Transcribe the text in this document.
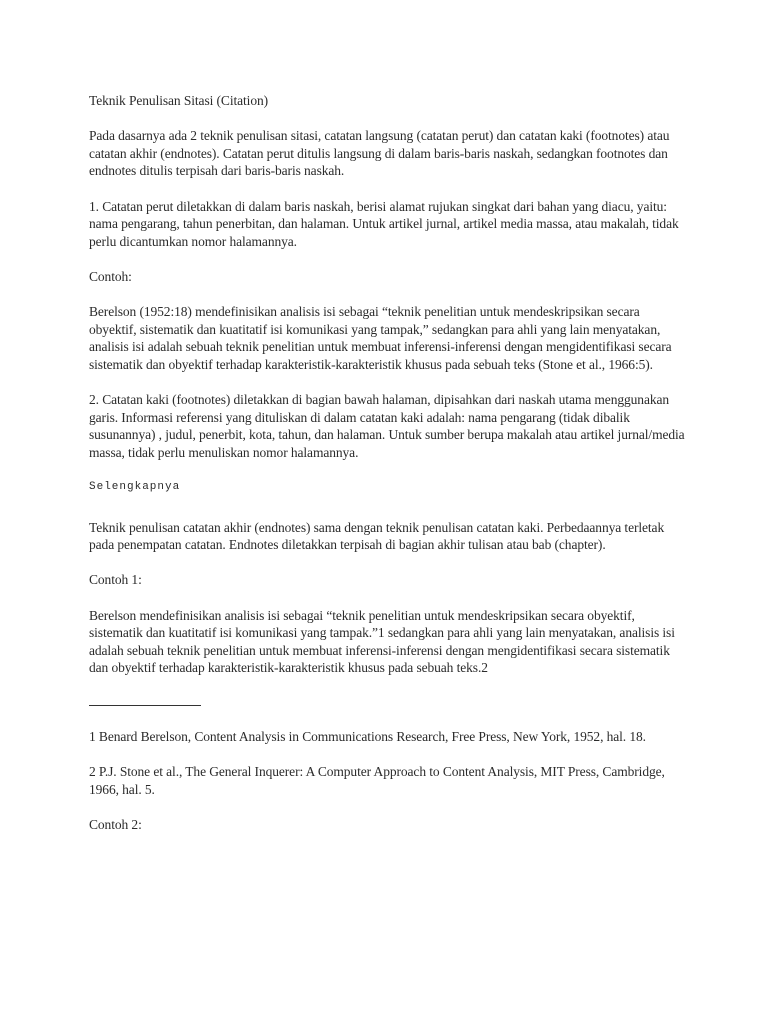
Teknik Penulisan Sitasi (Citation)

Pada dasarnya ada 2 teknik penulisan sitasi, catatan langsung (catatan perut) dan catatan kaki (footnotes) atau catatan akhir (endnotes). Catatan perut ditulis langsung di dalam baris-baris naskah, sedangkan footnotes dan endnotes ditulis terpisah dari baris-baris naskah.

1. Catatan perut diletakkan di dalam baris naskah, berisi alamat rujukan singkat dari bahan yang diacu, yaitu: nama pengarang, tahun penerbitan, dan halaman. Untuk artikel jurnal, artikel media massa, atau makalah, tidak perlu dicantumkan nomor halamannya.

Contoh:

Berelson (1952:18) mendefinisikan analisis isi sebagai “teknik penelitian untuk mendeskripsikan secara obyektif, sistematik dan kuatitatif isi komunikasi yang tampak,” sedangkan para ahli yang lain menyatakan, analisis isi adalah sebuah teknik penelitian untuk membuat inferensi-inferensi dengan mengidentifikasi secara sistematik dan obyektif terhadap karakteristik-karakteristik khusus pada sebuah teks (Stone et al., 1966:5).

2. Catatan kaki (footnotes) diletakkan di bagian bawah halaman, dipisahkan dari naskah utama menggunakan garis. Informasi referensi yang dituliskan di dalam catatan kaki adalah: nama pengarang (tidak dibalik susunannya) , judul, penerbit, kota, tahun, dan halaman. Untuk sumber berupa makalah atau artikel jurnal/media massa, tidak perlu menuliskan nomor halamannya.

Selengkapnya

Teknik penulisan catatan akhir (endnotes) sama dengan teknik penulisan catatan kaki. Perbedaannya terletak pada penempatan catatan. Endnotes diletakkan terpisah di bagian akhir tulisan atau bab (chapter).

Contoh 1:

Berelson mendefinisikan analisis isi sebagai “teknik penelitian untuk mendeskripsikan secara obyektif, sistematik dan kuatitatif isi komunikasi yang tampak.”1 sedangkan para ahli yang lain menyatakan, analisis isi adalah sebuah teknik penelitian untuk membuat inferensi-inferensi dengan mengidentifikasi secara sistematik dan obyektif terhadap karakteristik-karakteristik khusus pada sebuah teks.2

1 Benard Berelson, Content Analysis in Communications Research, Free Press, New York, 1952, hal. 18.

2 P.J. Stone et al., The General Inquerer: A Computer Approach to Content Analysis, MIT Press, Cambridge, 1966, hal. 5.

Contoh 2:
